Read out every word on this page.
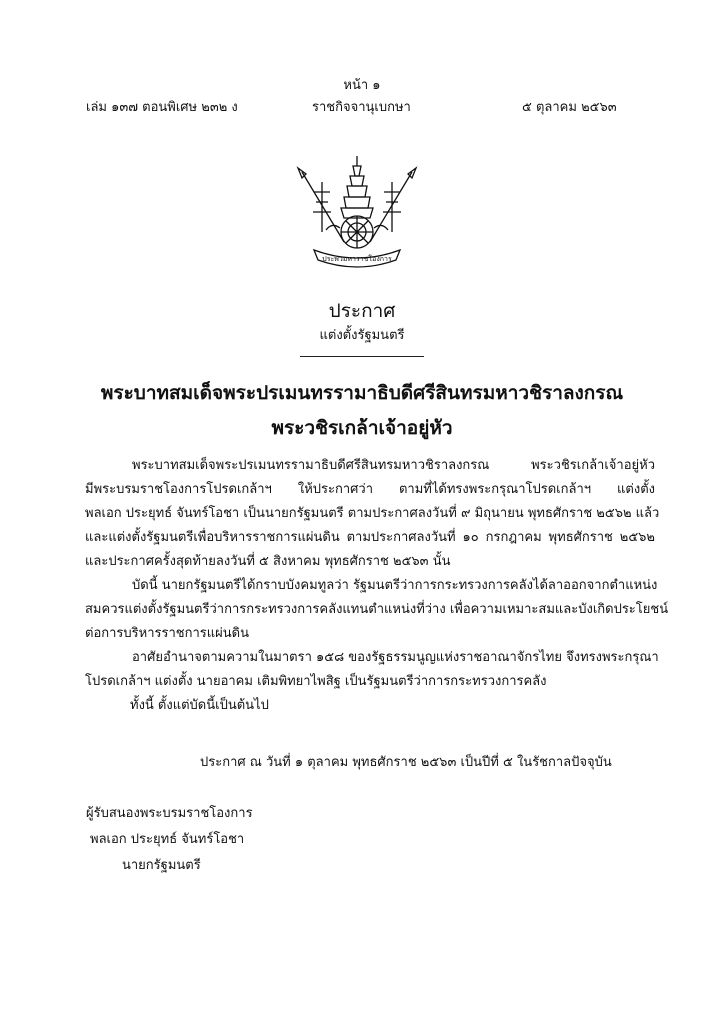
หน้า ๑
เล่ม ๑๓๗ ตอนพิเศษ ๒๓๒ ง	ราชกิจจานุเบกษา	๕ ตุลาคม ๒๕๖๓
ประพวมหาราชโองการ
ประกาศ
แต่งตั้งรัฐมนตรี
พระบาทสมเด็จพระปรเมนทรรามาธิบดีศรีสินทรมหาวชิราลงกรณ
พระวชิรเกล้าเจ้าอยู่หัว
พระบาทสมเด็จพระปรเมนทรรามาธิบดีศรีสินทรมหาวชิราลงกรณ พระวชิรเกล้าเจ้าอยู่หัว
มีพระบรมราชโองการโปรดเกล้าฯ ให้ประกาศว่า ตามที่ได้ทรงพระกรุณาโปรดเกล้าฯ แต่งตั้ง
พลเอก ประยุทธ์ จันทร์โอชา เป็นนายกรัฐมนตรี ตามประกาศลงวันที่ ๙ มิถุนายน พุทธศักราช ๒๕๖๒ แล้ว
และแต่งตั้งรัฐมนตรีเพื่อบริหารราชการแผ่นดิน ตามประกาศลงวันที่ ๑๐ กรกฎาคม พุทธศักราช ๒๕๖๒
และประกาศครั้งสุดท้ายลงวันที่ ๕ สิงหาคม พุทธศักราช ๒๕๖๓ นั้น
บัดนี้ นายกรัฐมนตรีได้กราบบังคมทูลว่า รัฐมนตรีว่าการกระทรวงการคลังได้ลาออกจากตำแหน่ง
สมควรแต่งตั้งรัฐมนตรีว่าการกระทรวงการคลังแทนตำแหน่งที่ว่าง เพื่อความเหมาะสมและบังเกิดประโยชน์
ต่อการบริหารราชการแผ่นดิน
อาศัยอำนาจตามความในมาตรา ๑๕๘ ของรัฐธรรมนูญแห่งราชอาณาจักรไทย จึงทรงพระกรุณา
โปรดเกล้าฯ แต่งตั้ง นายอาคม เติมพิทยาไพสิฐ เป็นรัฐมนตรีว่าการกระทรวงการคลัง
ทั้งนี้ ตั้งแต่บัดนี้เป็นต้นไป
ประกาศ ณ วันที่ ๑ ตุลาคม พุทธศักราช ๒๕๖๓ เป็นปีที่ ๕ ในรัชกาลปัจจุบัน
ผู้รับสนองพระบรมราชโองการ
พลเอก ประยุทธ์ จันทร์โอชา
นายกรัฐมนตรี
